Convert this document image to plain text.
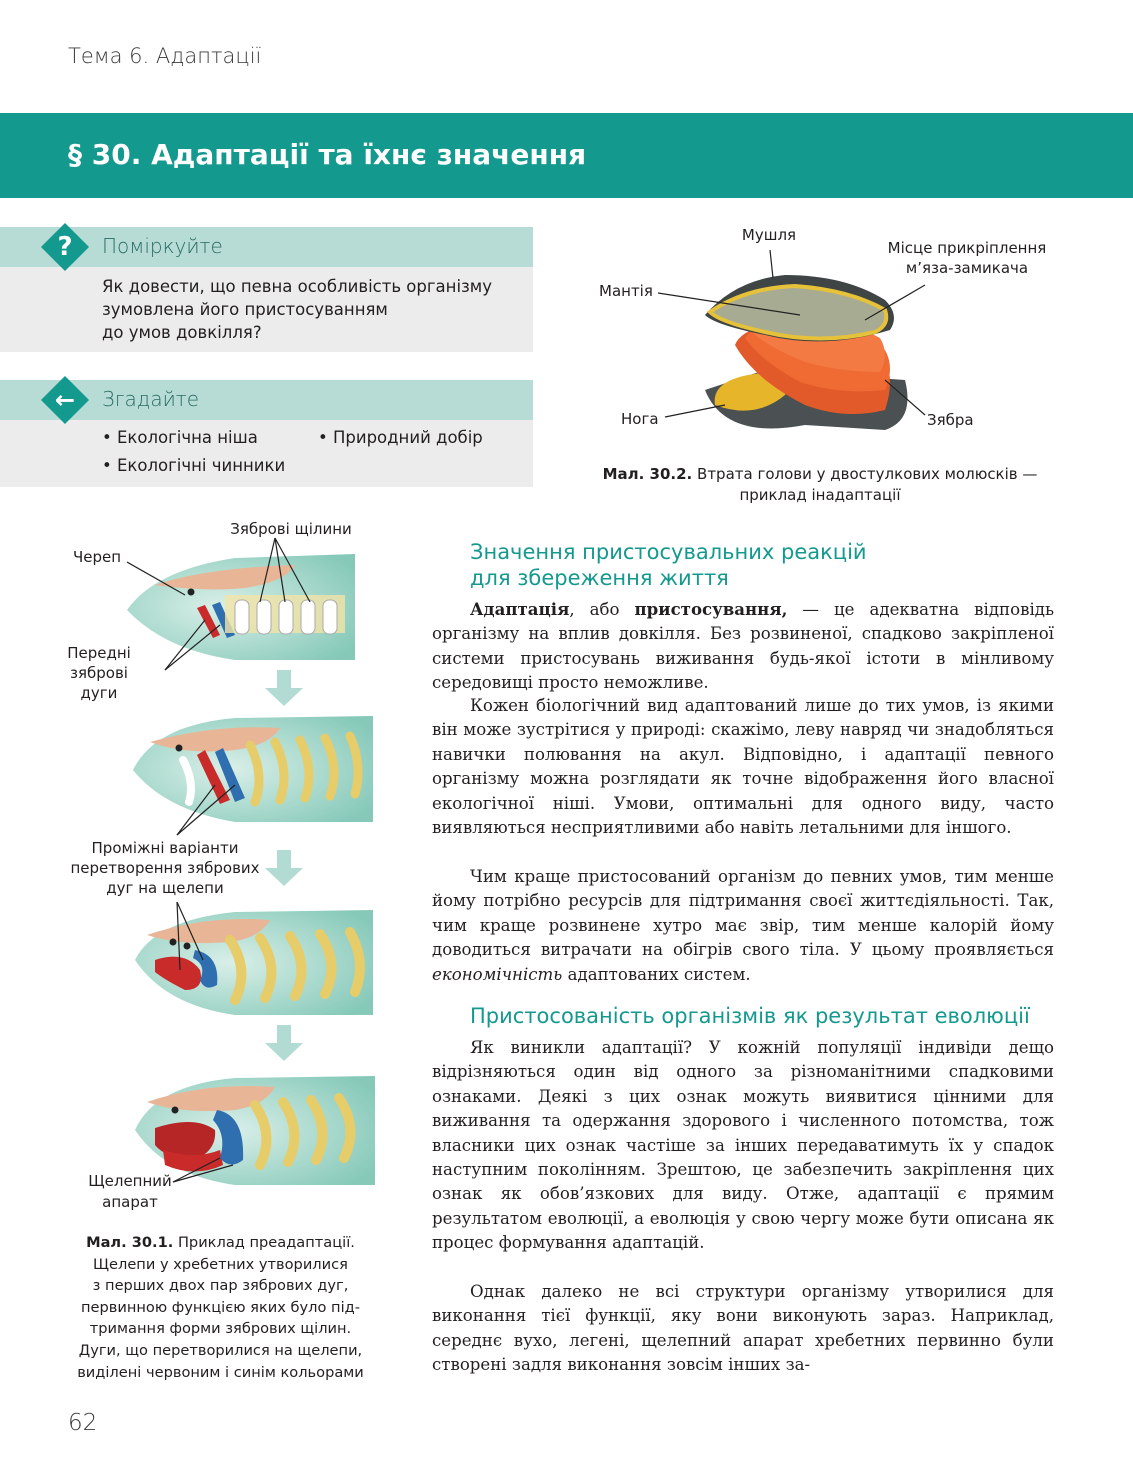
Тема 6. Адаптації
§ 30. Адаптації та їхнє значення
?	Поміркуйте
Як довести, що певна особливість організму
зумовлена його пристосуванням
до умов довкілля?
←	Згадайте
• Екологічна ніша	• Природний добір
• Екологічні чинники
Мушля
Місце прикріплення
м’яза-замикача
Мантія
Нога	Зябра
Мал. 30.2. Втрата голови у двостулкових молюсків —
приклад інадаптації
Зяброві щілини
Череп
Передні
зяброві
дуги
Проміжні варіанти
перетворення зябрових
дуг на щелепи
Щелепний
апарат
Мал. 30.1. Приклад преадаптації.
Щелепи у хребетних утворилися
з перших двох пар зябрових дуг,
первинною функцією яких було під-
тримання форми зябрових щілин.
Дуги, що перетворилися на щелепи,
виділені червоним і синім кольорами
Значення пристосувальних реакцій
для збереження життя

Адаптація, або пристосування, — це адекватна відповідь організму на вплив довкілля. Без розвиненої, спадково закріпленої системи пристосувань виживання будь-якої істоти в мінливому середовищі просто неможливе.

Кожен біологічний вид адаптований лише до тих умов, із якими він може зустрітися у природі: скажімо, леву навряд чи знадобляться навички полювання на акул. Відповідно, і адаптації певного організму можна розглядати як точне відображення його власної екологічної ніші. Умови, оптимальні для одного виду, часто виявляються несприятливими або навіть летальними для іншого.

Чим краще пристосований організм до певних умов, тим менше йому потрібно ресурсів для підтримання своєї життєдіяльності. Так, чим краще розвинене хутро має звір, тим менше калорій йому доводиться витрачати на обігрів свого тіла. У цьому проявляється економічність адаптованих систем.

Пристосованість організмів як результат еволюції

Як виникли адаптації? У кожній популяції індивіди дещо відрізняються один від одного за різноманітними спадковими ознаками. Деякі з цих ознак можуть виявитися цінними для виживання та одержання здорового і численного потомства, тож власники цих ознак частіше за інших передаватимуть їх у спадок наступним поколінням. Зрештою, це забезпечить закріплення цих ознак як обов’язкових для виду. Отже, адаптації є прямим результатом еволюції, а еволюція у свою чергу може бути описана як процес формування адаптацій.

Однак далеко не всі структури організму утворилися для виконання тієї функції, яку вони виконують зараз. Наприклад, середнє вухо, легені, щелепний апарат хребетних первинно були створені задля виконання зовсім інших за-

62
